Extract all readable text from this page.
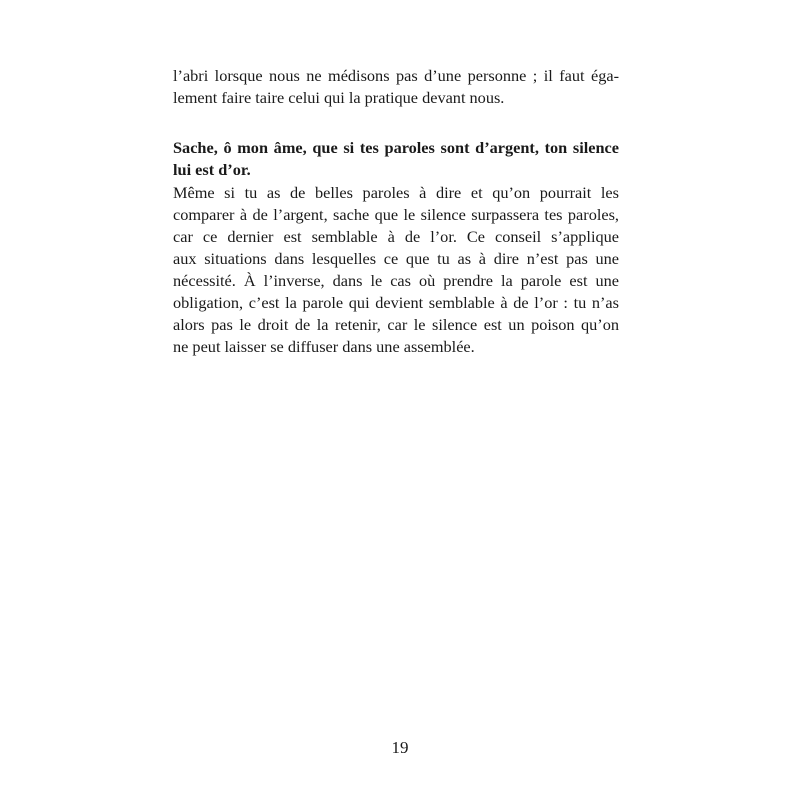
l’abri lorsque nous ne médisons pas d’une personne ; il faut éga-
lement faire taire celui qui la pratique devant nous.
Sache, ô mon âme, que si tes paroles sont d’argent, ton silence
lui est d’or.
Même si tu as de belles paroles à dire et qu’on pourrait les
comparer à de l’argent, sache que le silence surpassera tes paroles,
car ce dernier est semblable à de l’or. Ce conseil s’applique
aux situations dans lesquelles ce que tu as à dire n’est pas une
nécessité. À l’inverse, dans le cas où prendre la parole est une
obligation, c’est la parole qui devient semblable à de l’or : tu n’as
alors pas le droit de la retenir, car le silence est un poison qu’on
ne peut laisser se diffuser dans une assemblée.
19
